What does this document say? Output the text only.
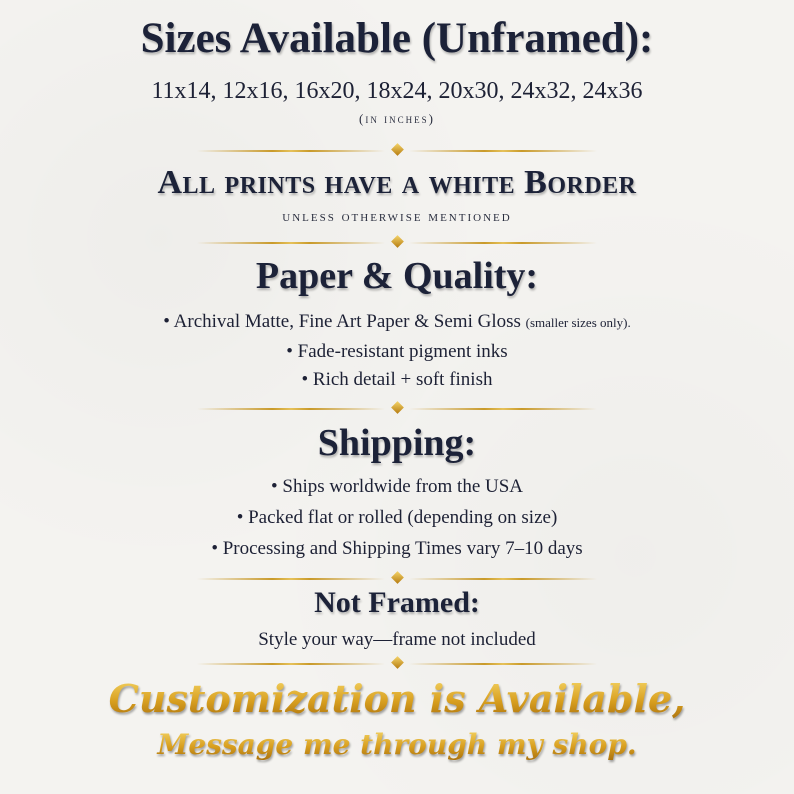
Sizes Available (Unframed):
11x14, 12x16, 16x20, 18x24, 20x30, 24x32, 24x36
(in inches)
All prints have a white Border
unless otherwise mentioned
Paper & Quality:
• Archival Matte, Fine Art Paper & Semi Gloss (smaller sizes only).
• Fade-resistant pigment inks
• Rich detail + soft finish
Shipping:
• Ships worldwide from the USA
• Packed flat or rolled (depending on size)
• Processing and Shipping Times vary 7–10 days
Not Framed:
Style your way—frame not included
Customization is Available,
Message me through my shop.
